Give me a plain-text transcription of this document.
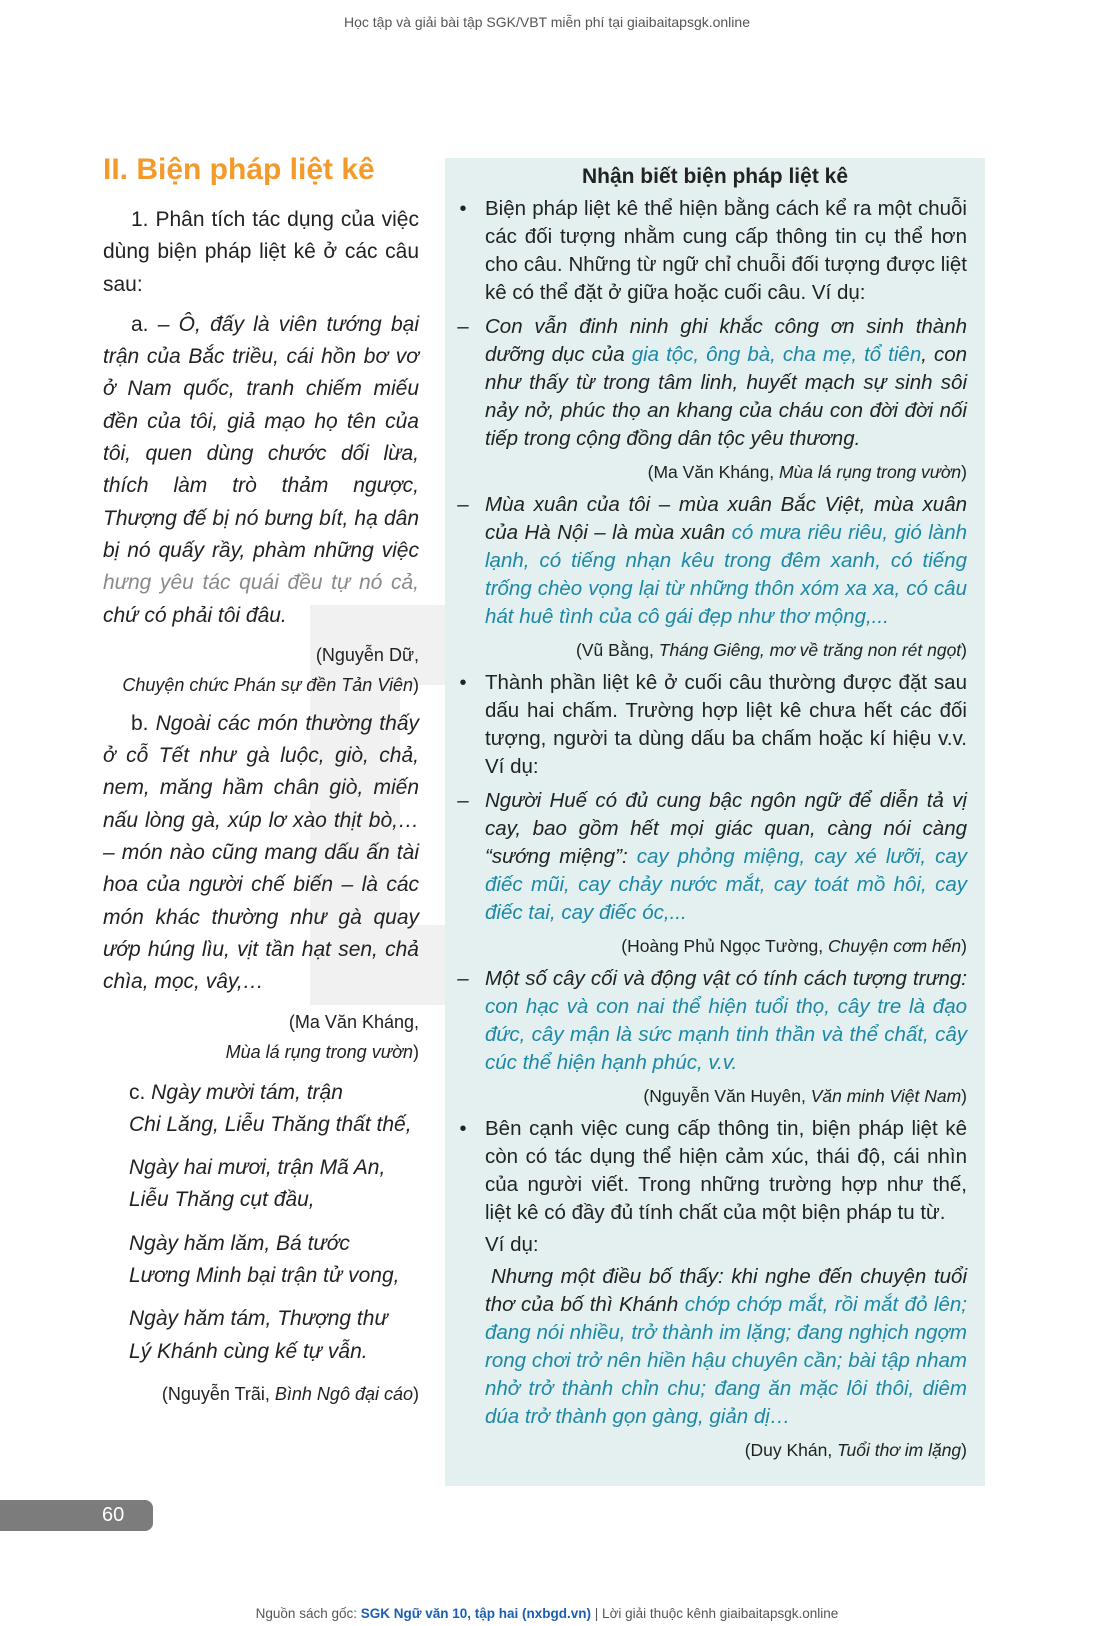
Học tập và giải bài tập SGK/VBT miễn phí tại giaibaitapsgk.online
II. Biện pháp liệt kê

1. Phân tích tác dụng của việc dùng biện pháp liệt kê ở các câu sau:

a. – Ô, đấy là viên tướng bại trận của Bắc triều, cái hồn bơ vơ ở Nam quốc, tranh chiếm miếu đền của tôi, giả mạo họ tên của tôi, quen dùng chước dối lừa, thích làm trò thảm ngược, Thượng đế bị nó bưng bít, hạ dân bị nó quấy rầy, phàm những việc hưng yêu tác quái đều tự nó cả, chứ có phải tôi đâu.

(Nguyễn Dữ,
Chuyện chức Phán sự đền Tản Viên)

b. Ngoài các món thường thấy ở cỗ Tết như gà luộc, giò, chả, nem, măng hầm chân giò, miến nấu lòng gà, xúp lơ xào thịt bò,… – món nào cũng mang dấu ấn tài hoa của người chế biến – là các món khác thường như gà quay ướp húng lìu, vịt tần hạt sen, chả chìa, mọc, vây,…

(Ma Văn Kháng,
Mùa lá rụng trong vườn)
c. Ngày mười tám, trận
Chi Lăng, Liễu Thăng thất thế,
Ngày hai mươi, trận Mã An,
Liễu Thăng cụt đầu,
Ngày hăm lăm, Bá tước
Lương Minh bại trận tử vong,
Ngày hăm tám, Thượng thư
Lý Khánh cùng kế tự vẫn.
(Nguyễn Trãi, Bình Ngô đại cáo)
Nhận biết biện pháp liệt kê
• Biện pháp liệt kê thể hiện bằng cách kể ra một chuỗi các đối tượng nhằm cung cấp thông tin cụ thể hơn cho câu. Những từ ngữ chỉ chuỗi đối tượng được liệt kê có thể đặt ở giữa hoặc cuối câu. Ví dụ:
– Con vẫn đinh ninh ghi khắc công ơn sinh thành dưỡng dục của gia tộc, ông bà, cha mẹ, tổ tiên, con như thấy từ trong tâm linh, huyết mạch sự sinh sôi nảy nở, phúc thọ an khang của cháu con đời đời nối tiếp trong cộng đồng dân tộc yêu thương.
(Ma Văn Kháng, Mùa lá rụng trong vườn)
– Mùa xuân của tôi – mùa xuân Bắc Việt, mùa xuân của Hà Nội – là mùa xuân có mưa riêu riêu, gió lành lạnh, có tiếng nhạn kêu trong đêm xanh, có tiếng trống chèo vọng lại từ những thôn xóm xa xa, có câu hát huê tình của cô gái đẹp như thơ mộng,...
(Vũ Bằng, Tháng Giêng, mơ về trăng non rét ngọt)
• Thành phần liệt kê ở cuối câu thường được đặt sau dấu hai chấm. Trường hợp liệt kê chưa hết các đối tượng, người ta dùng dấu ba chấm hoặc kí hiệu v.v. Ví dụ:
– Người Huế có đủ cung bậc ngôn ngữ để diễn tả vị cay, bao gồm hết mọi giác quan, càng nói càng “sướng miệng”: cay phỏng miệng, cay xé lưỡi, cay điếc mũi, cay chảy nước mắt, cay toát mồ hôi, cay điếc tai, cay điếc óc,...
(Hoàng Phủ Ngọc Tường, Chuyện cơm hến)
– Một số cây cối và động vật có tính cách tượng trưng: con hạc và con nai thể hiện tuổi thọ, cây tre là đạo đức, cây mận là sức mạnh tinh thần và thể chất, cây cúc thể hiện hạnh phúc, v.v.
(Nguyễn Văn Huyên, Văn minh Việt Nam)
• Bên cạnh việc cung cấp thông tin, biện pháp liệt kê còn có tác dụng thể hiện cảm xúc, thái độ, cái nhìn của người viết. Trong những trường hợp như thế, liệt kê có đầy đủ tính chất của một biện pháp tu từ.
Ví dụ:
Nhưng một điều bố thấy: khi nghe đến chuyện tuổi thơ của bố thì Khánh chớp chớp mắt, rồi mắt đỏ lên; đang nói nhiều, trở thành im lặng; đang nghịch ngợm rong chơi trở nên hiền hậu chuyên cần; bài tập nham nhở trở thành chỉn chu; đang ăn mặc lôi thôi, diêm dúa trở thành gọn gàng, giản dị…
(Duy Khán, Tuổi thơ im lặng)
60
Nguồn sách gốc: SGK Ngữ văn 10, tập hai (nxbgd.vn) | Lời giải thuộc kênh giaibaitapsgk.online
